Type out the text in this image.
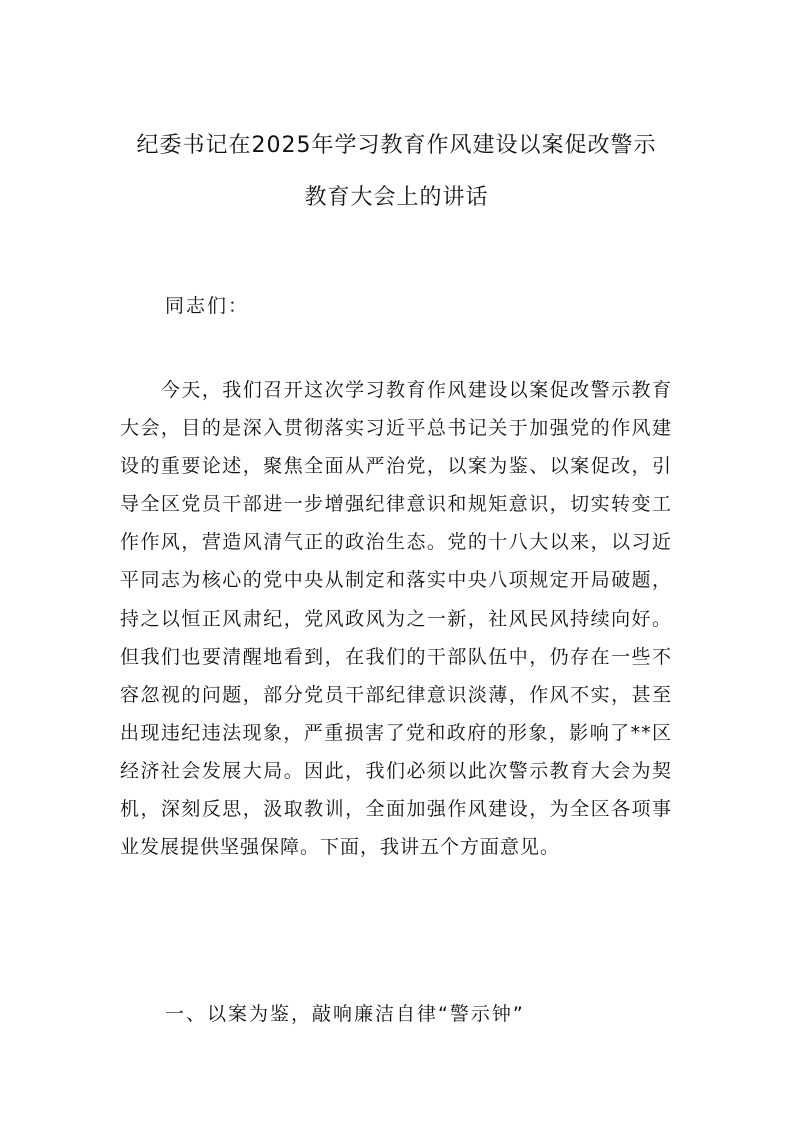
纪委书记在2025年学习教育作风建设以案促改警示
教育大会上的讲话
同志们：
　　今天，我们召开这次学习教育作风建设以案促改警示教育大会，目的是深入贯彻落实习近平总书记关于加强党的作风建设的重要论述，聚焦全面从严治党，以案为鉴、以案促改，引导全区党员干部进一步增强纪律意识和规矩意识，切实转变工作作风，营造风清气正的政治生态。党的十八大以来，以习近平同志为核心的党中央从制定和落实中央八项规定开局破题，持之以恒正风肃纪，党风政风为之一新，社风民风持续向好。但我们也要清醒地看到，在我们的干部队伍中，仍存在一些不容忽视的问题，部分党员干部纪律意识淡薄，作风不实，甚至出现违纪违法现象，严重损害了党和政府的形象，影响了**区经济社会发展大局。因此，我们必须以此次警示教育大会为契机，深刻反思，汲取教训，全面加强作风建设，为全区各项事业发展提供坚强保障。下面，我讲五个方面意见。
一、以案为鉴，敲响廉洁自律“警示钟”
